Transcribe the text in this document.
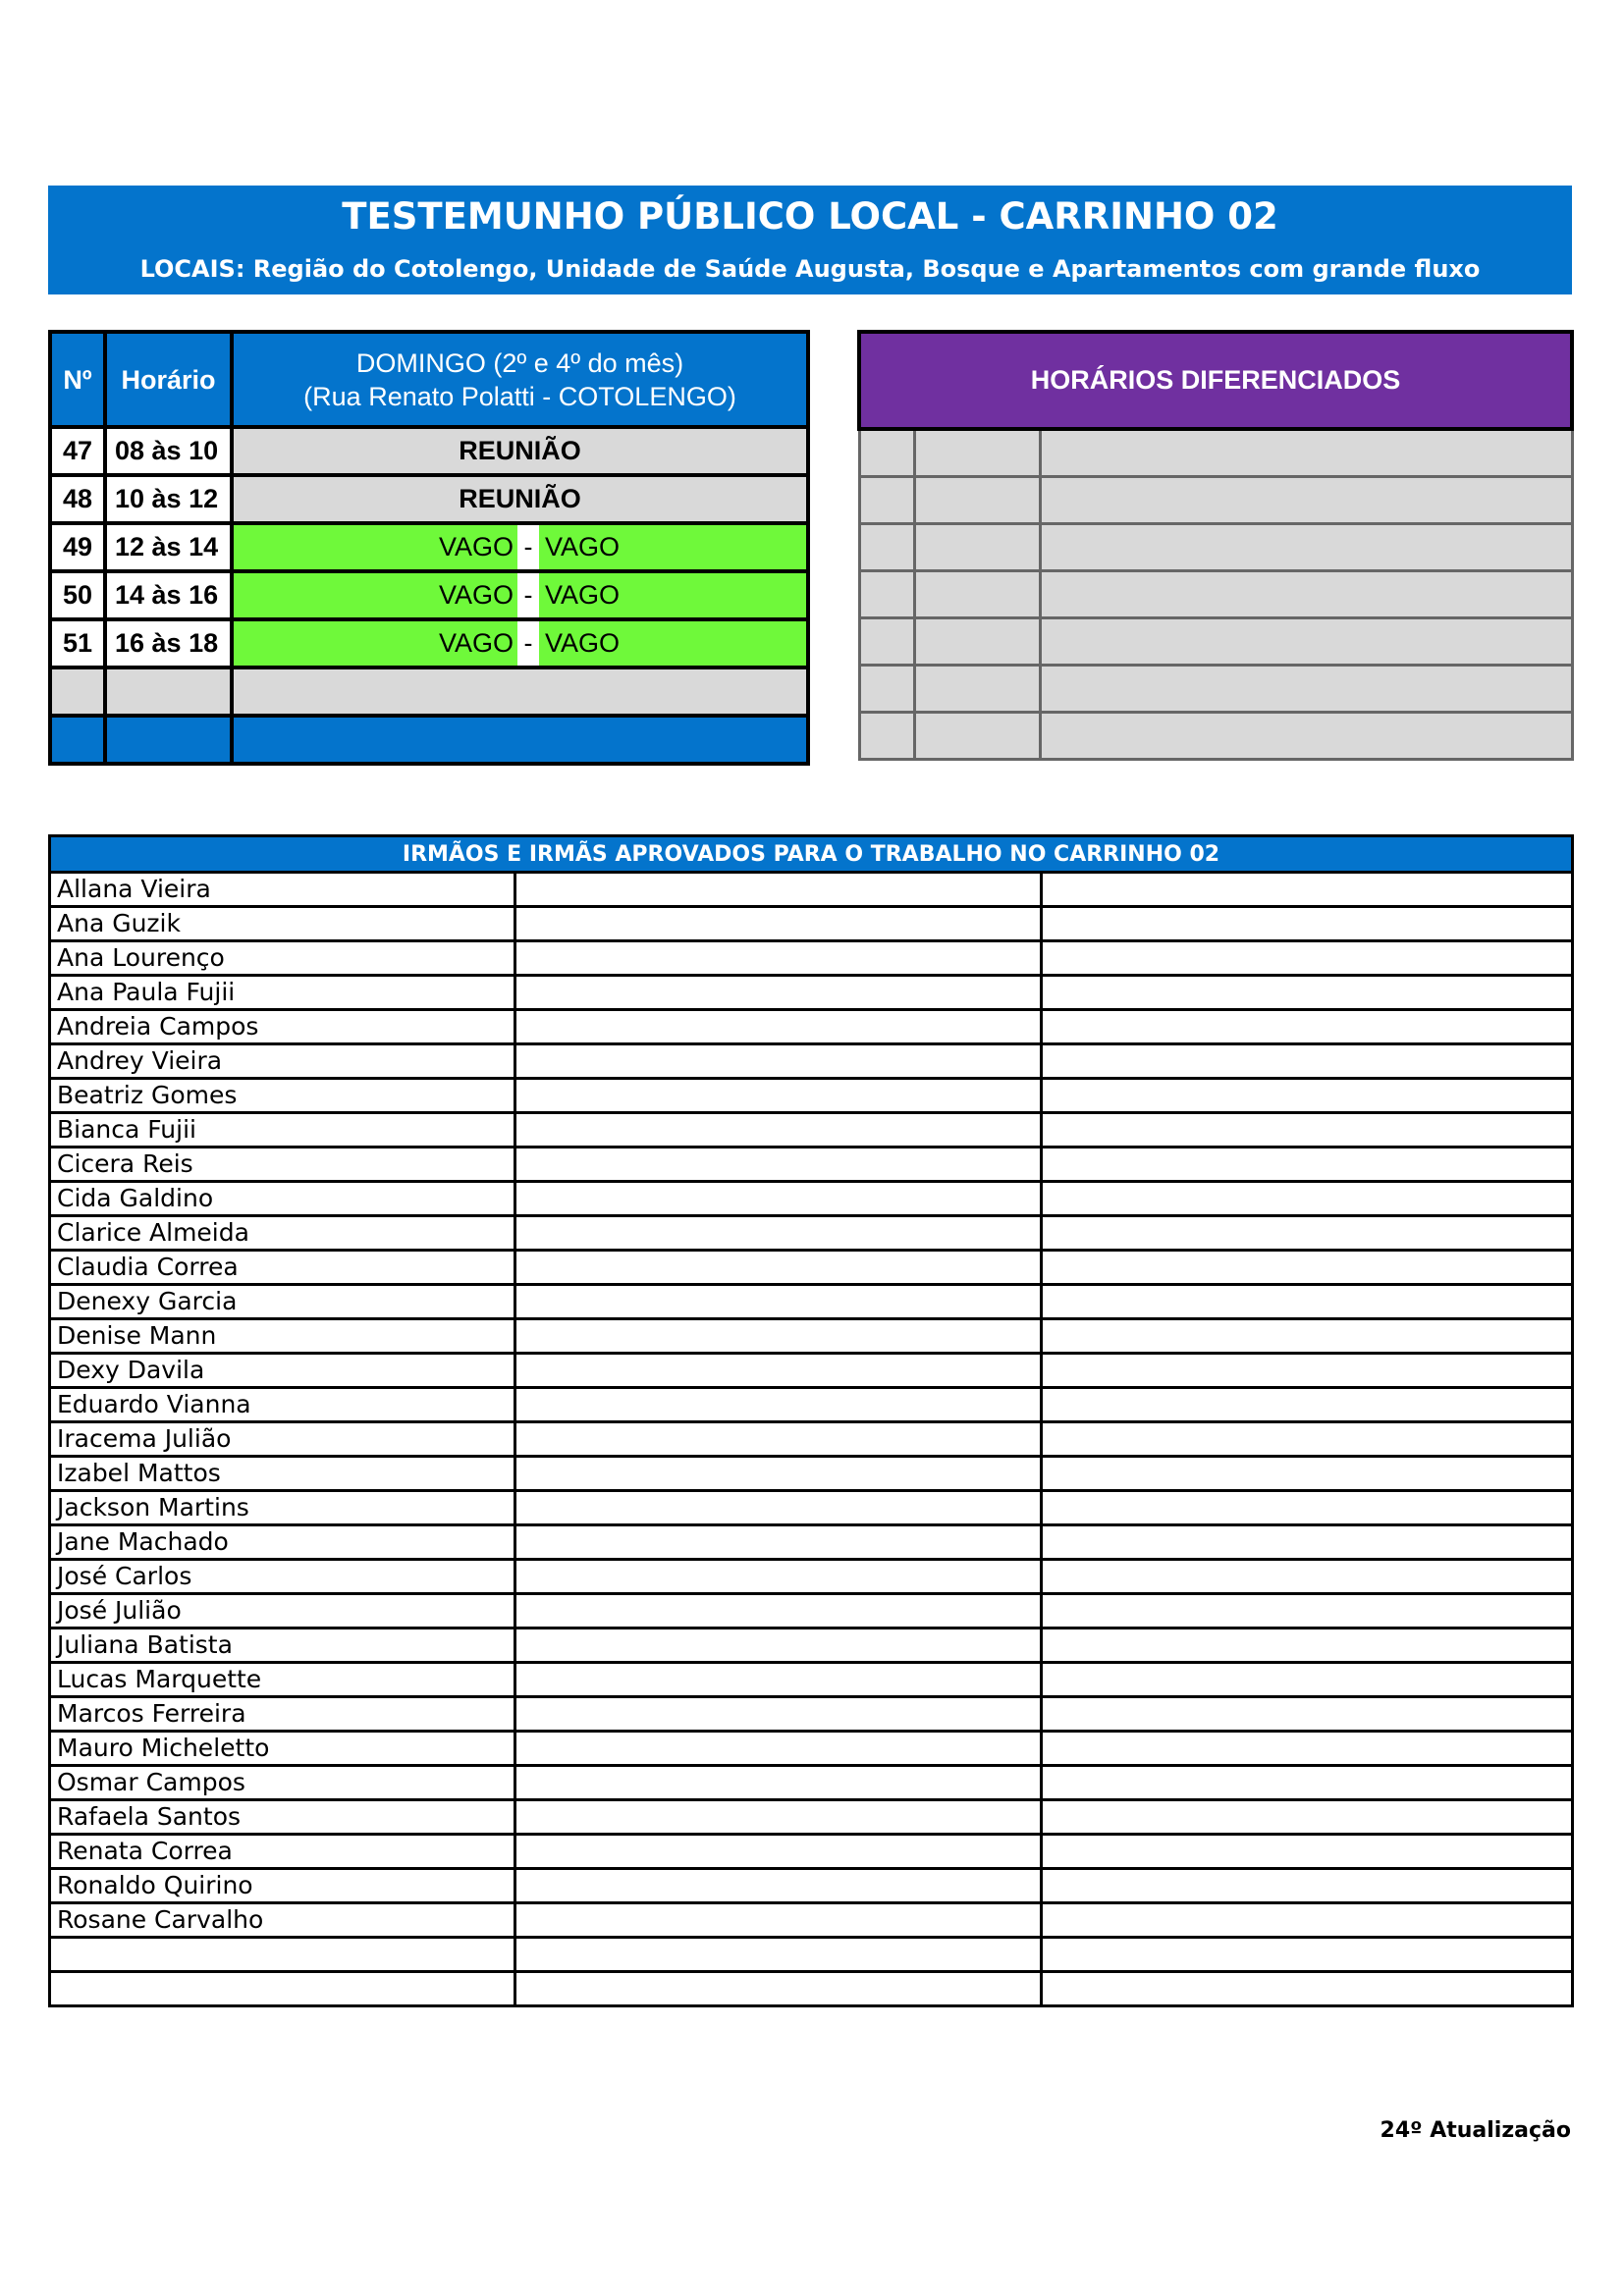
TESTEMUNHO PÚBLICO LOCAL - CARRINHO 02
LOCAIS: Região do Cotolengo, Unidade de Saúde Augusta, Bosque e Apartamentos com grande fluxo
Nº	Horário	DOMINGO (2º e 4º do mês)
(Rua Renato Polatti - COTOLENGO)

47	08 às 10	REUNIÃO
48	10 às 12	REUNIÃO
49	12 às 14	VAGO - VAGO

50	14 às 16	VAGO - VAGO

51	16 às 18	VAGO - VAGO

HORÁRIOS DIFERENCIADOS		

IRMÃOS E IRMÃS APROVADOS PARA O TRABALHO NO CARRINHO 02		
Allana Vieira		
Ana Guzik		
Ana Lourenço		
Ana Paula Fujii		
Andreia Campos		
Andrey Vieira		
Beatriz Gomes		
Bianca Fujii		
Cicera Reis		
Cida Galdino		
Clarice Almeida		
Claudia Correa		
Denexy Garcia		
Denise Mann		
Dexy Davila		
Eduardo Vianna		
Iracema Julião		
Izabel Mattos		
Jackson Martins		
Jane Machado		
José Carlos		
José Julião		
Juliana Batista		
Lucas Marquette		
Marcos Ferreira		
Mauro Micheletto		
Osmar Campos		
Rafaela Santos		
Renata Correa		
Ronaldo Quirino		
Rosane Carvalho		

24º Atualização
